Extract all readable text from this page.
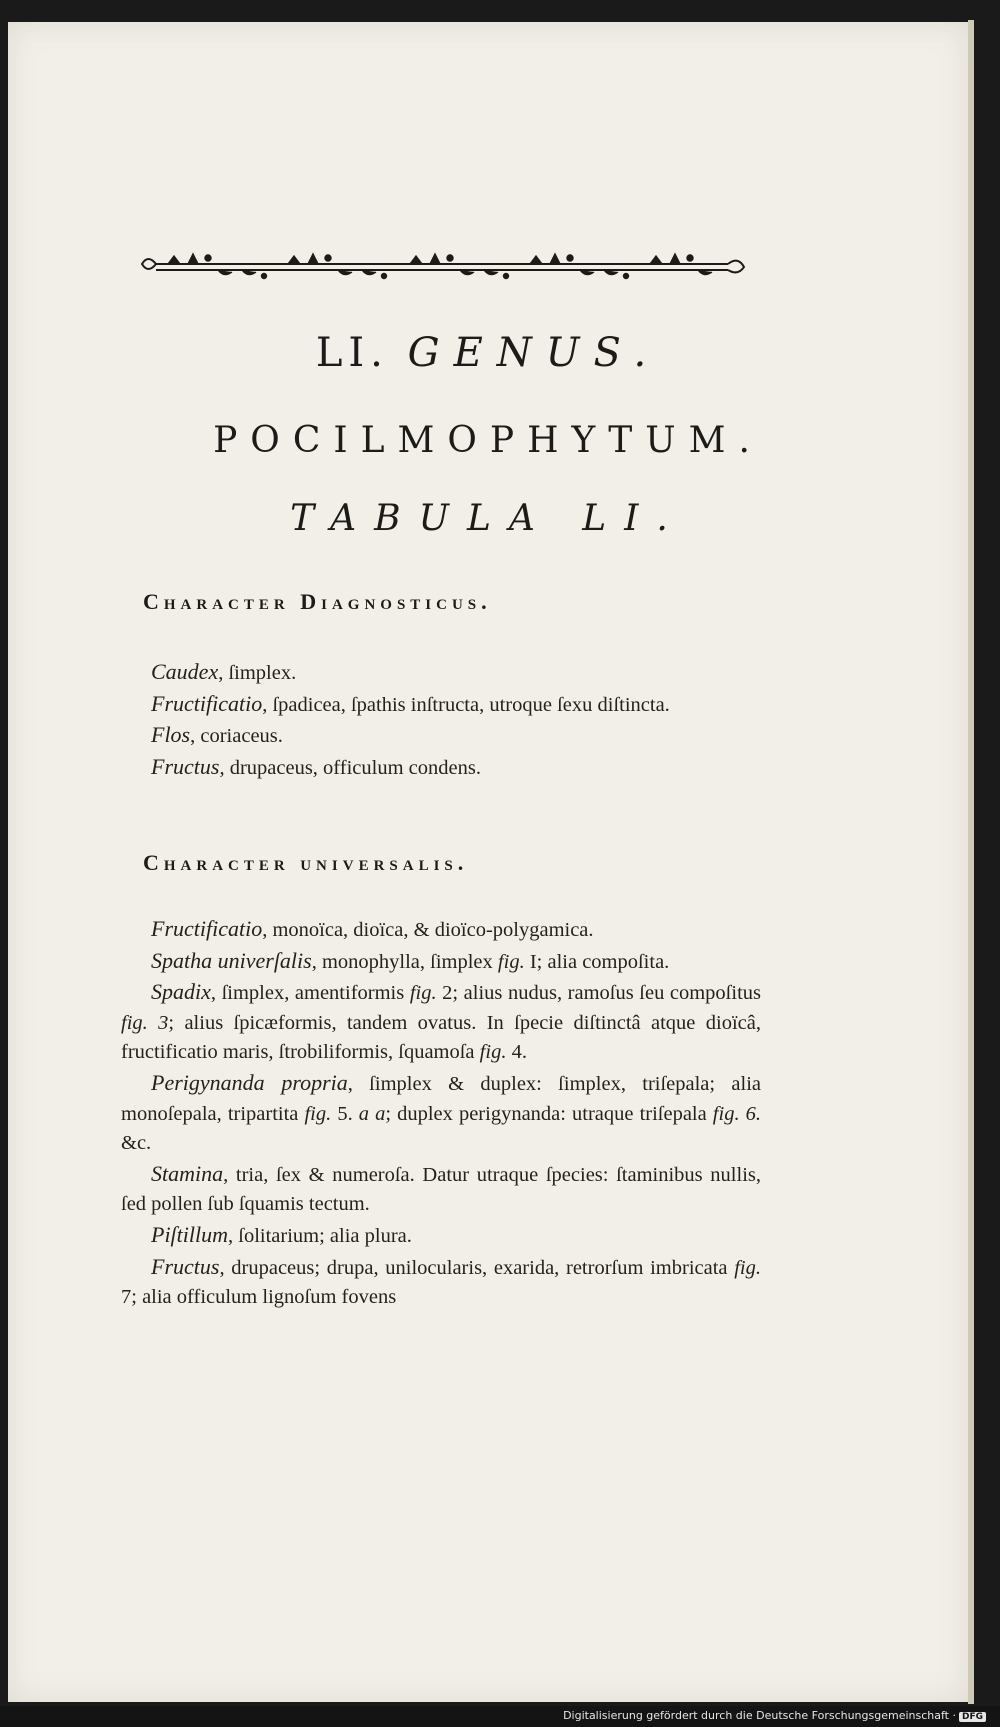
LI. GENUS.
POCILMOPHYTUM.
TABULA LI.
Character Diagnosticus.

Caudex, ſimplex.

Fructificatio, ſpadicea, ſpathis inſtructa, utroque ſexu diſtincta.

Flos, coriaceus.

Fructus, drupaceus, officulum condens.

Character universalis.

Fructificatio, monoïca, dioïca, & dioïco-polygamica.

Spatha univerſalis, monophylla, ſimplex fig. I; alia compoſita.

Spadix, ſimplex, amentiformis fig. 2; alius nudus, ramoſus ſeu compoſitus fig. 3; alius ſpicæformis, tandem ovatus. In ſpecie diſtinctâ atque dioïcâ, fructificatio maris, ſtrobiliformis, ſquamoſa fig. 4.

Perigynanda propria, ſimplex & duplex: ſimplex, triſepala; alia monoſepala, tripartita fig. 5. a a; duplex perigynanda: utraque triſepala fig. 6. &c.

Stamina, tria, ſex & numeroſa. Datur utraque ſpecies: ſtaminibus nullis, ſed pollen ſub ſquamis tectum.

Piſtillum, ſolitarium; alia plura.

Fructus, drupaceus; drupa, unilocularis, exarida, retrorſum imbricata fig. 7; alia officulum lignoſum fovens

Digitalisierung gefördert durch die Deutsche Forschungsgemeinschaft · DFG
